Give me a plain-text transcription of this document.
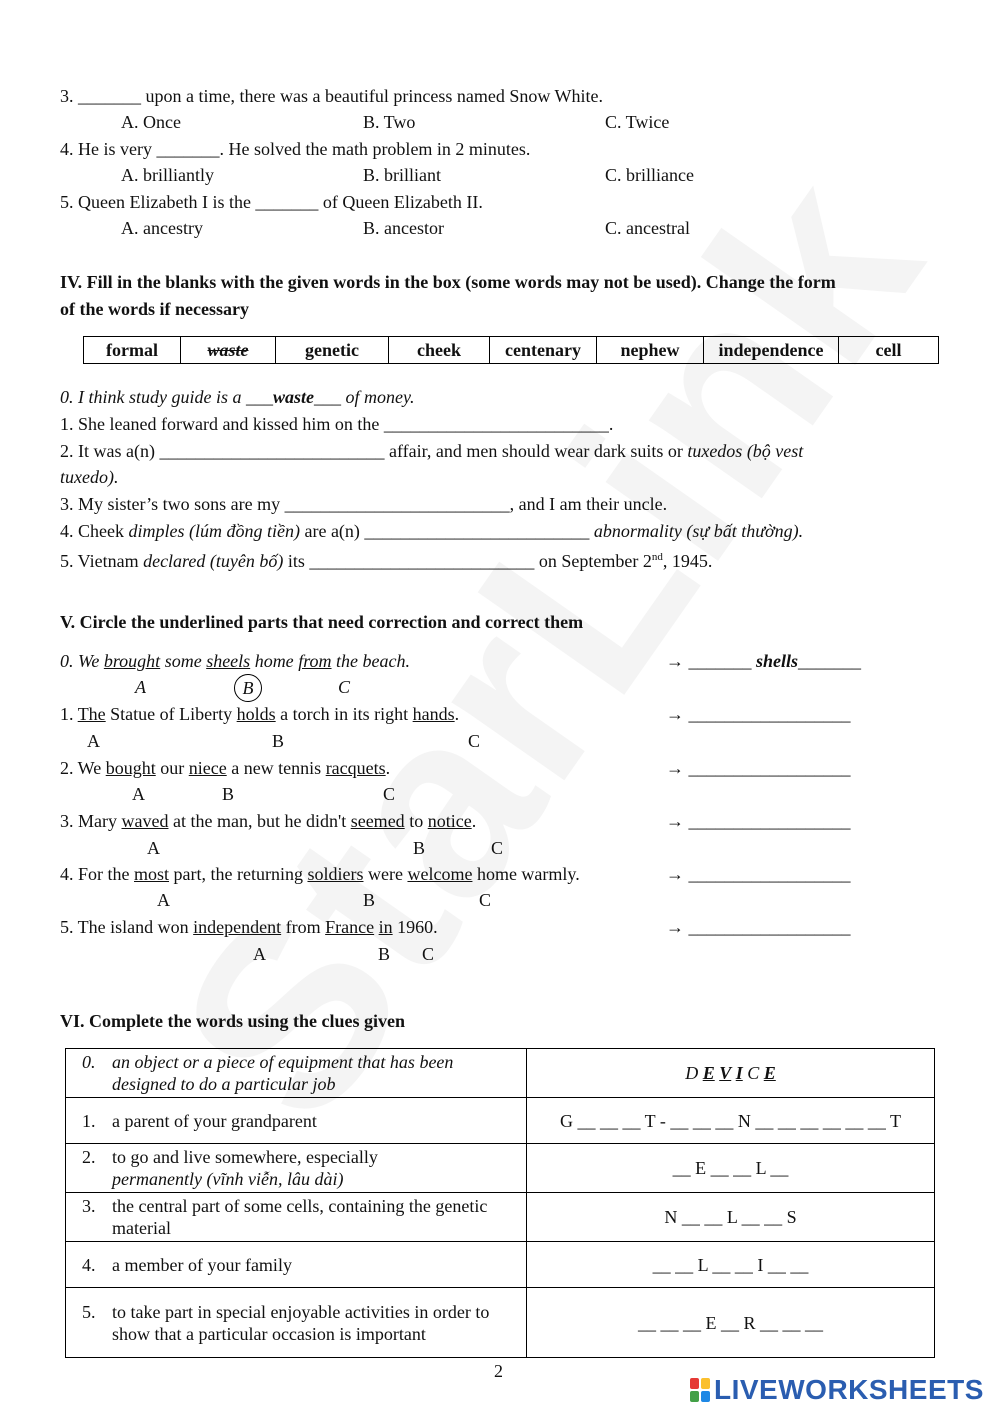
3. _______ upon a time, there was a beautiful princess named Snow White.
A. Once	B. Two	C. Twice
4. He is very _______. He solved the math problem in 2 minutes.
A. brilliantly	B. brilliant	C. brilliance
5. Queen Elizabeth I is the _______ of Queen Elizabeth II.
A. ancestry	B. ancestor	C. ancestral
IV. Fill in the blanks with the given words in the box (some words may not be used). Change the form
of the words if necessary
formal	waste	genetic	cheek	centenary	nephew	independence	cell
0. I think study guide is a ___waste___ of money.
1. She leaned forward and kissed him on the _________________________.
2. It was a(n) _________________________ affair, and men should wear dark suits or tuxedos (bộ vest
tuxedo).
3. My sister’s two sons are my _________________________, and I am their uncle.
4. Cheek dimples (lúm đồng tiền) are a(n) _________________________ abnormality (sự bất thường).
5. Vietnam declared (tuyên bố) its _________________________ on September 2nd, 1945.
V. Circle the underlined parts that need correction and correct them
0. We brought some sheels home from the beach.
A	B	C
→ _______ shells_______
1. The Statue of Liberty holds a torch in its right hands.
A	B	C
→ __________________
2. We bought our niece a new tennis racquets.
A	B	C
→ __________________
3. Mary waved at the man, but he didn't seemed to notice.
A	B	C
→ __________________
4. For the most part, the returning soldiers were welcome home warmly.
A	B	C
→ __________________
5. The island won independent from France in 1960.
A	B C
→ __________________
VI. Complete the words using the clues given
0. an object or a piece of equipment that has been designed to do a particular job	D E V I C E
1. a parent of your grandparent	G __ __ __ T - __ __ __ N __ __ __ __ __ __ T
2. to go and live somewhere, especially
permanently (vĩnh viễn, lâu dài)	__ E __ __ L __
3. the central part of some cells, containing the genetic material	N __ __ L __ __ S
4. a member of your family	__ __ L __ __ I __ __
5. to take part in special enjoyable activities in order to show that a particular occasion is important	__ __ __ E __ R __ __ __
2
LIVEWORKSHEETS
